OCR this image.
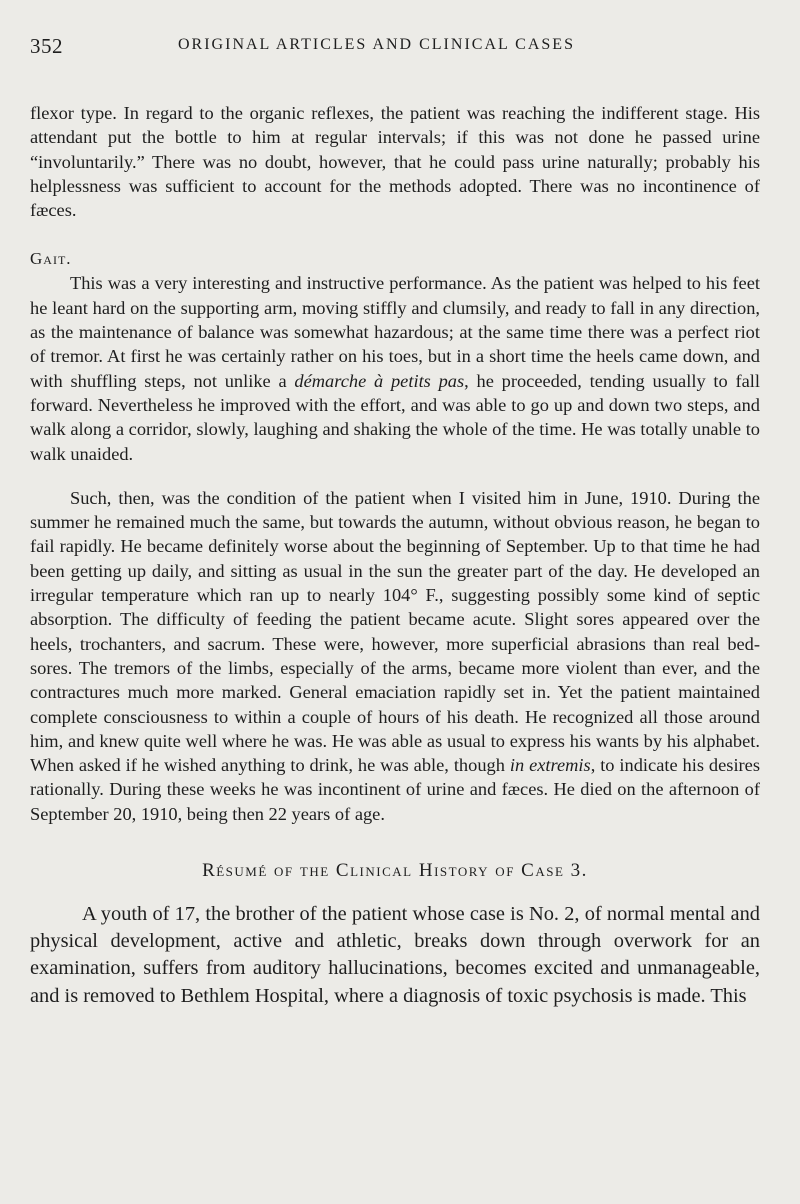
352	ORIGINAL ARTICLES AND CLINICAL CASES

flexor type. In regard to the organic reflexes, the patient was reaching the indifferent stage. His attendant put the bottle to him at regular intervals; if this was not done he passed urine “involuntarily.” There was no doubt, however, that he could pass urine naturally; probably his helplessness was sufficient to account for the methods adopted. There was no incontinence of fæces.

Gait.

This was a very interesting and instructive performance. As the patient was helped to his feet he leant hard on the supporting arm, moving stiffly and clumsily, and ready to fall in any direction, as the maintenance of balance was somewhat hazardous; at the same time there was a perfect riot of tremor. At first he was certainly rather on his toes, but in a short time the heels came down, and with shuffling steps, not unlike a démarche à petits pas, he proceeded, tending usually to fall forward. Nevertheless he improved with the effort, and was able to go up and down two steps, and walk along a corridor, slowly, laughing and shaking the whole of the time. He was totally unable to walk unaided.

Such, then, was the condition of the patient when I visited him in June, 1910. During the summer he remained much the same, but towards the autumn, without obvious reason, he began to fail rapidly. He became definitely worse about the beginning of September. Up to that time he had been getting up daily, and sitting as usual in the sun the greater part of the day. He developed an irregular temperature which ran up to nearly 104° F., suggesting possibly some kind of septic absorption. The difficulty of feeding the patient became acute. Slight sores appeared over the heels, trochanters, and sacrum. These were, however, more superficial abrasions than real bed-sores. The tremors of the limbs, especially of the arms, became more violent than ever, and the contractures much more marked. General emaciation rapidly set in. Yet the patient maintained complete consciousness to within a couple of hours of his death. He recognized all those around him, and knew quite well where he was. He was able as usual to express his wants by his alphabet. When asked if he wished anything to drink, he was able, though in extremis, to indicate his desires rationally. During these weeks he was incontinent of urine and fæces. He died on the afternoon of September 20, 1910, being then 22 years of age.

Résumé of the Clinical History of Case 3.

A youth of 17, the brother of the patient whose case is No. 2, of normal mental and physical development, active and athletic, breaks down through overwork for an examination, suffers from auditory hallucinations, becomes excited and unmanageable, and is removed to Bethlem Hospital, where a diagnosis of toxic psychosis is made. This
